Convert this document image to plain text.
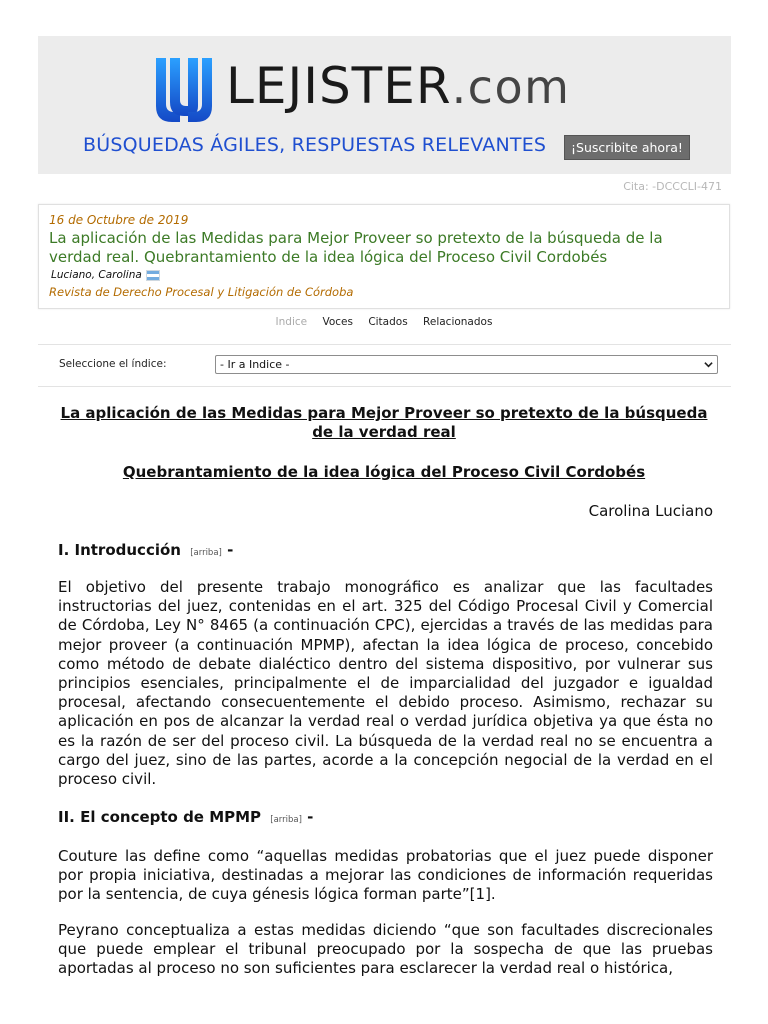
LEJISTER.com
BÚSQUEDAS ÁGILES, RESPUESTAS RELEVANTES	¡Suscribite ahora!
Cita: -DCCCLI-471
16 de Octubre de 2019
La aplicación de las Medidas para Mejor Proveer so pretexto de la búsqueda de la verdad real. Quebrantamiento de la idea lógica del Proceso Civil Cordobés
Luciano, Carolina
Revista de Derecho Procesal y Litigación de Córdoba
Indice Voces Citados Relacionados
Seleccione el índice:	- Ir a Indice -
La aplicación de las Medidas para Mejor Proveer so pretexto de la búsqueda de la verdad real
Quebrantamiento de la idea lógica del Proceso Civil Cordobés
Carolina Luciano
I. Introducción [arriba] -
El objetivo del presente trabajo monográfico es analizar que las facultades instructorias del juez, contenidas en el art. 325 del Código Procesal Civil y Comercial de Córdoba, Ley N° 8465 (a continuación CPC), ejercidas a través de las medidas para mejor proveer (a continuación MPMP), afectan la idea lógica de proceso, concebido como método de debate dialéctico dentro del sistema dispositivo, por vulnerar sus principios esenciales, principalmente el de imparcialidad del juzgador e igualdad procesal, afectando consecuentemente el debido proceso. Asimismo, rechazar su aplicación en pos de alcanzar la verdad real o verdad jurídica objetiva ya que ésta no es la razón de ser del proceso civil. La búsqueda de la verdad real no se encuentra a cargo del juez, sino de las partes, acorde a la concepción negocial de la verdad en el proceso civil.
II. El concepto de MPMP [arriba] -
Couture las define como “aquellas medidas probatorias que el juez puede disponer por propia iniciativa, destinadas a mejorar las condiciones de información requeridas por la sentencia, de cuya génesis lógica forman parte”[1].
Peyrano conceptualiza a estas medidas diciendo “que son facultades discrecionales que puede emplear el tribunal preocupado por la sospecha de que las pruebas aportadas al proceso no son suficientes para esclarecer la verdad real o histórica,
